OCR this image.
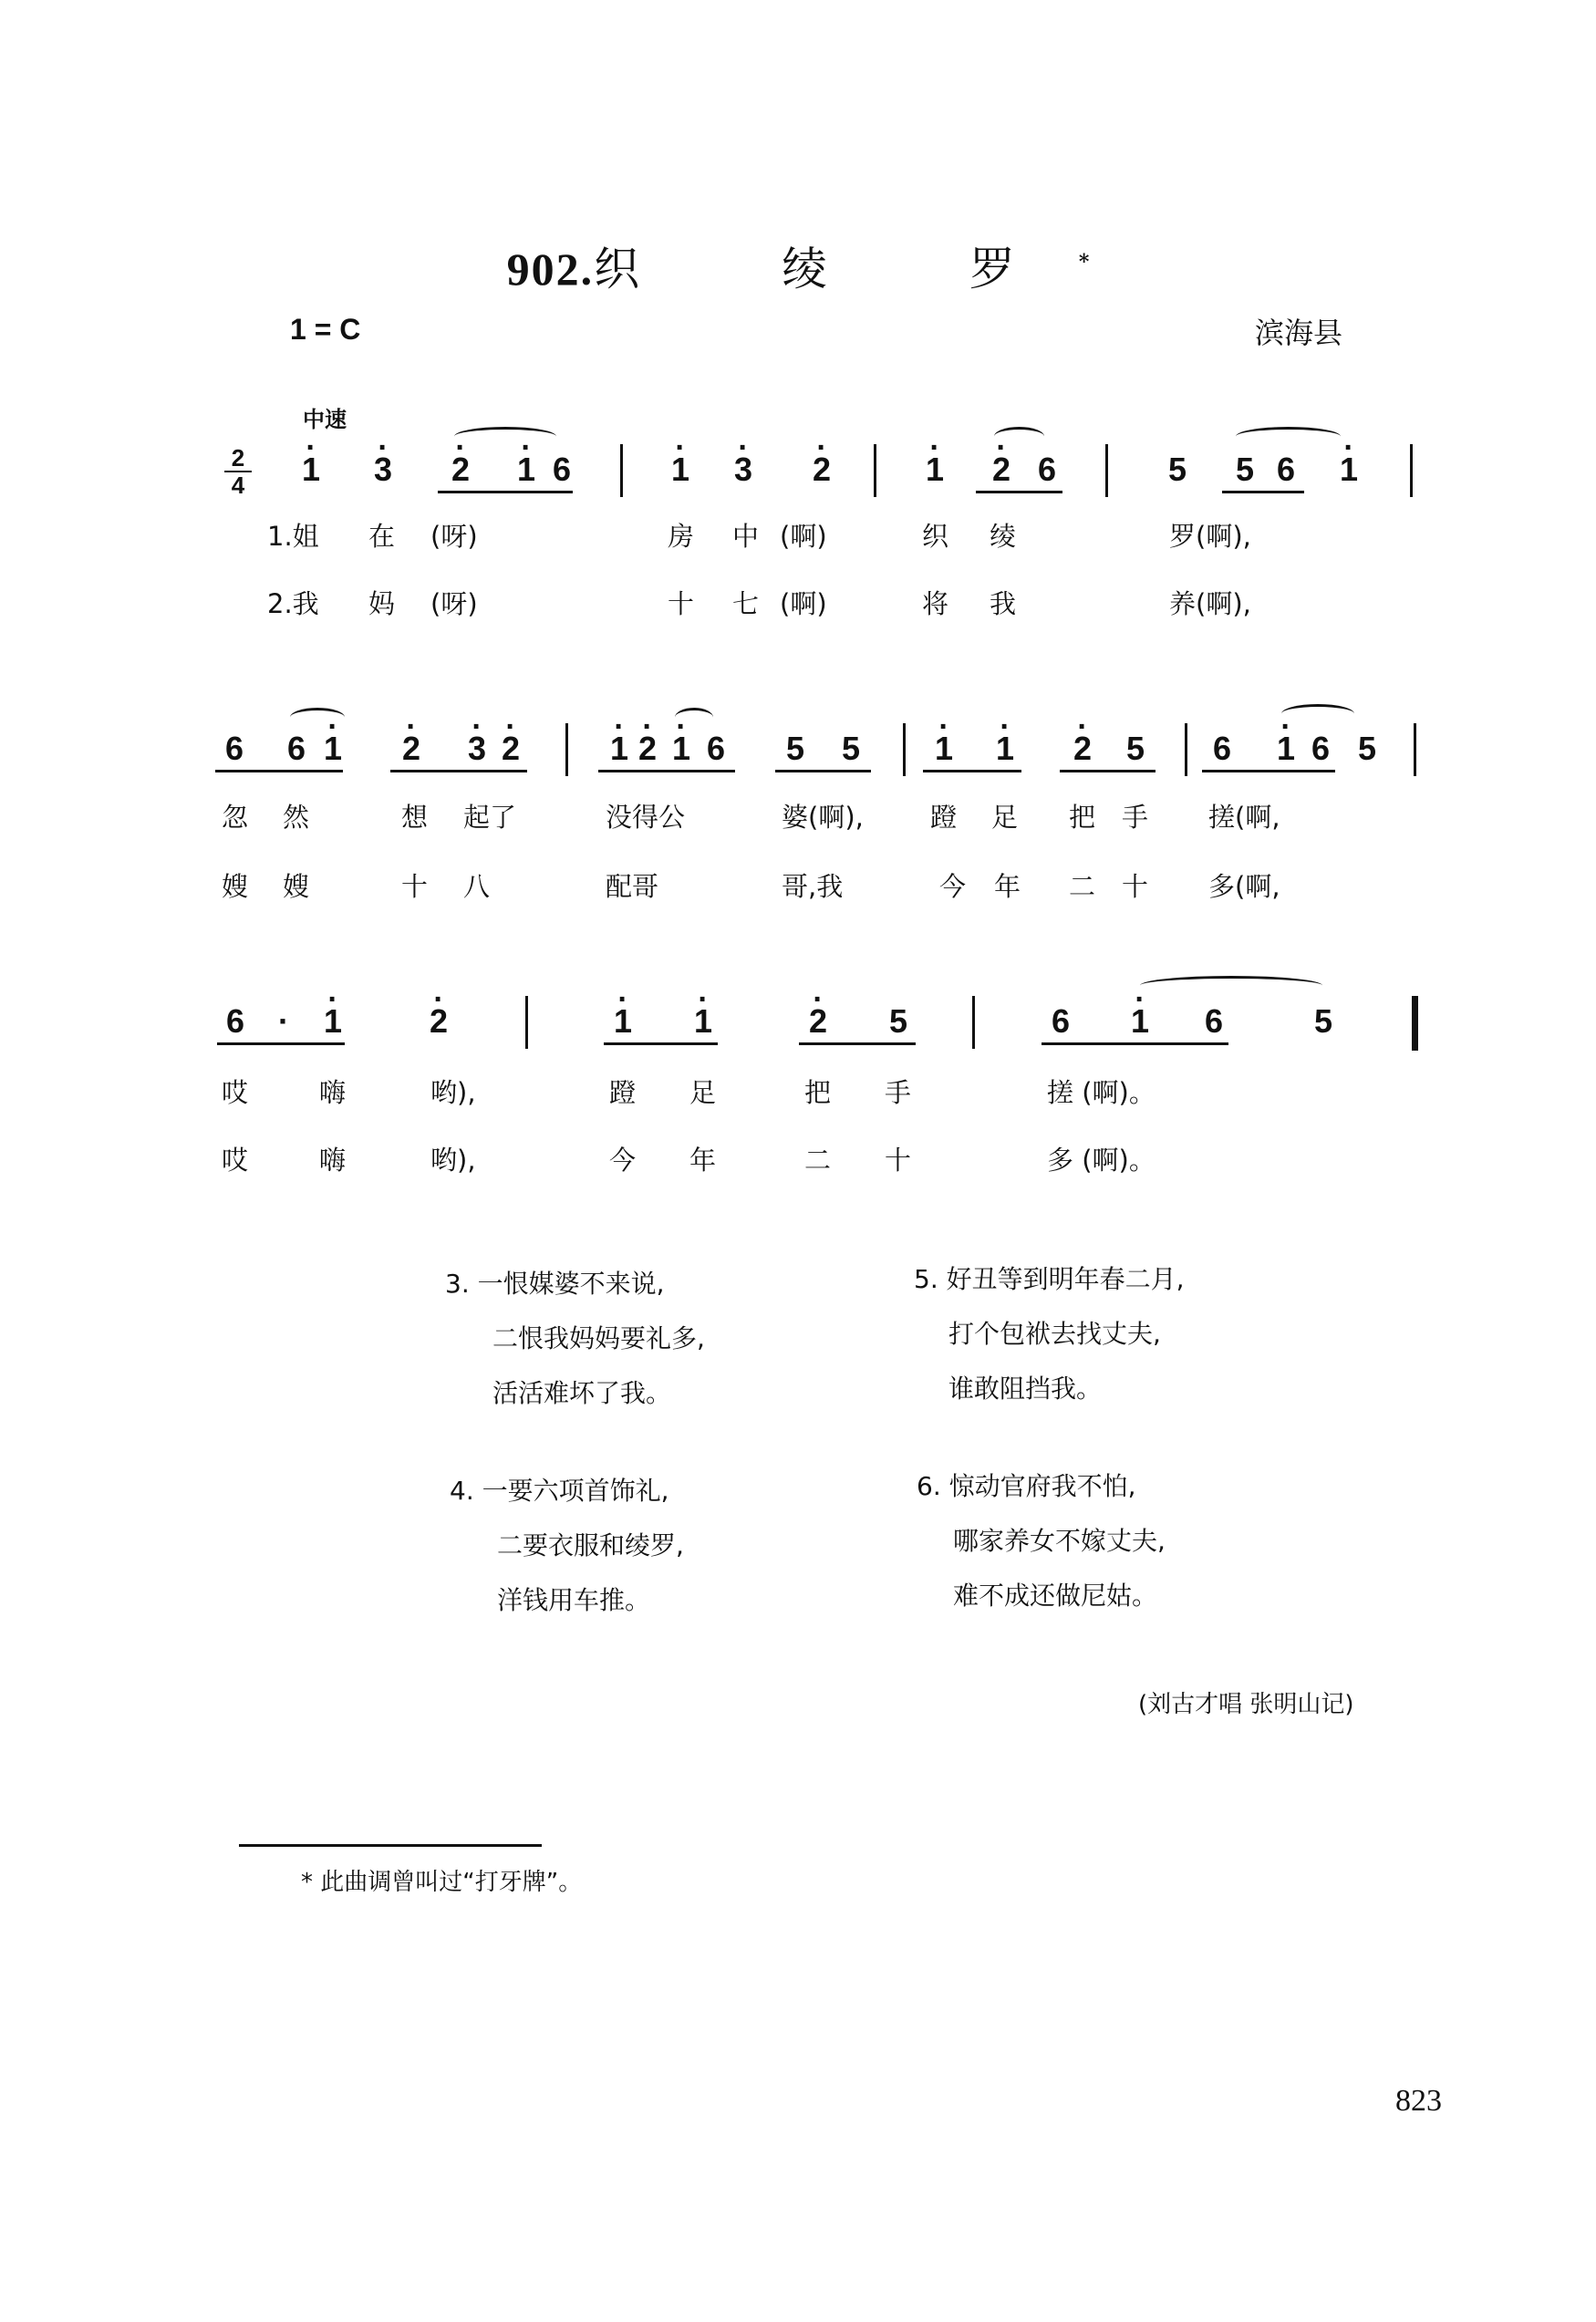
902.织 绫 罗*
1 = C	滨海县
中速
2
4 · 1 · 3 · 2 · 1 6	· 1 · 3 · 2	· 1 · 2 6	5 5 6 · 1
6 6 · 1 · 2 · 3 · 2	· 1 · 2 · 1 6 5 5 · 1 · 1 · 2 5 6 · 1 6 5
6 · · 1	· 2	· 1 · 1	· 2 5	6 · 1 6	5
1.姐 在 (呀)	房 中 (啊)	织 绫	罗(啊),
2.我 妈 (呀)	十 七 (啊)	将 我	养(啊),
忽 然	想 起了	没得公	婆(啊),	蹬 足 把 手 搓(啊,
嫂 嫂	十 八	配哥	哥,我	今 年 二 十 多(啊,
哎	嗨	哟),	蹬 足	把 手	搓 (啊)。
哎	嗨	哟),	今 年	二 十	多 (啊)。
3. 一恨媒婆不来说,
二恨我妈妈要礼多,
活活难坏了我。
5. 好丑等到明年春二月,
打个包袱去找丈夫,
谁敢阻挡我。
4. 一要六项首饰礼,
二要衣服和绫罗,
洋钱用车推。
6. 惊动官府我不怕,
哪家养女不嫁丈夫,
难不成还做尼姑。
(刘古才唱 张明山记)
* 此曲调曾叫过“打牙牌”。
823
